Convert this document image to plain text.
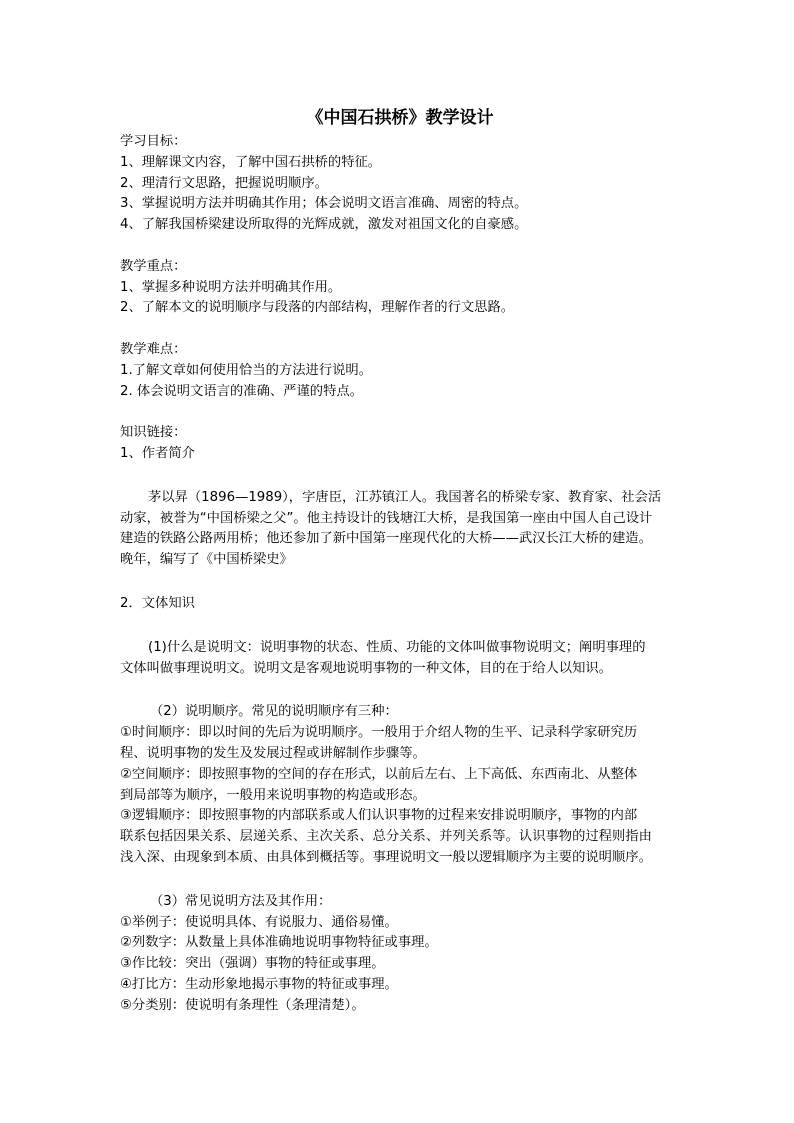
《中国石拱桥》教学设计
学习目标：
1、理解课文内容，了解中国石拱桥的特征。
2、理清行文思路，把握说明顺序。
3、掌握说明方法并明确其作用；体会说明文语言准确、周密的特点。
4、了解我国桥梁建设所取得的光辉成就，激发对祖国文化的自豪感。
教学重点：
1、掌握多种说明方法并明确其作用。
2、了解本文的说明顺序与段落的内部结构，理解作者的行文思路。
教学难点：
1.了解文章如何使用恰当的方法进行说明。
2. 体会说明文语言的准确、严谨的特点。
知识链接：
1、作者简介
茅以昇（1896—1989），字唐臣，江苏镇江人。我国著名的桥梁专家、教育家、社会活
动家，被誉为“中国桥梁之父”。他主持设计的钱塘江大桥，是我国第一座由中国人自己设计
建造的铁路公路两用桥；他还参加了新中国第一座现代化的大桥——武汉长江大桥的建造。
晚年，编写了《中国桥梁史》
2．文体知识
(1)什么是说明文：说明事物的状态、性质、功能的文体叫做事物说明文；阐明事理的
文体叫做事理说明文。说明文是客观地说明事物的一种文体，目的在于给人以知识。
（2）说明顺序。常见的说明顺序有三种：
①时间顺序：即以时间的先后为说明顺序。一般用于介绍人物的生平、记录科学家研究历
程、说明事物的发生及发展过程或讲解制作步骤等。
②空间顺序：即按照事物的空间的存在形式，以前后左右、上下高低、东西南北、从整体
到局部等为顺序，一般用来说明事物的构造或形态。
③逻辑顺序：即按照事物的内部联系或人们认识事物的过程来安排说明顺序，事物的内部
联系包括因果关系、层递关系、主次关系、总分关系、并列关系等。认识事物的过程则指由
浅入深、由现象到本质、由具体到概括等。事理说明文一般以逻辑顺序为主要的说明顺序。
（3）常见说明方法及其作用：
①举例子：使说明具体、有说服力、通俗易懂。
②列数字：从数量上具体准确地说明事物特征或事理。
③作比较：突出（强调）事物的特征或事理。
④打比方：生动形象地揭示事物的特征或事理。
⑤分类别：使说明有条理性（条理清楚）。
